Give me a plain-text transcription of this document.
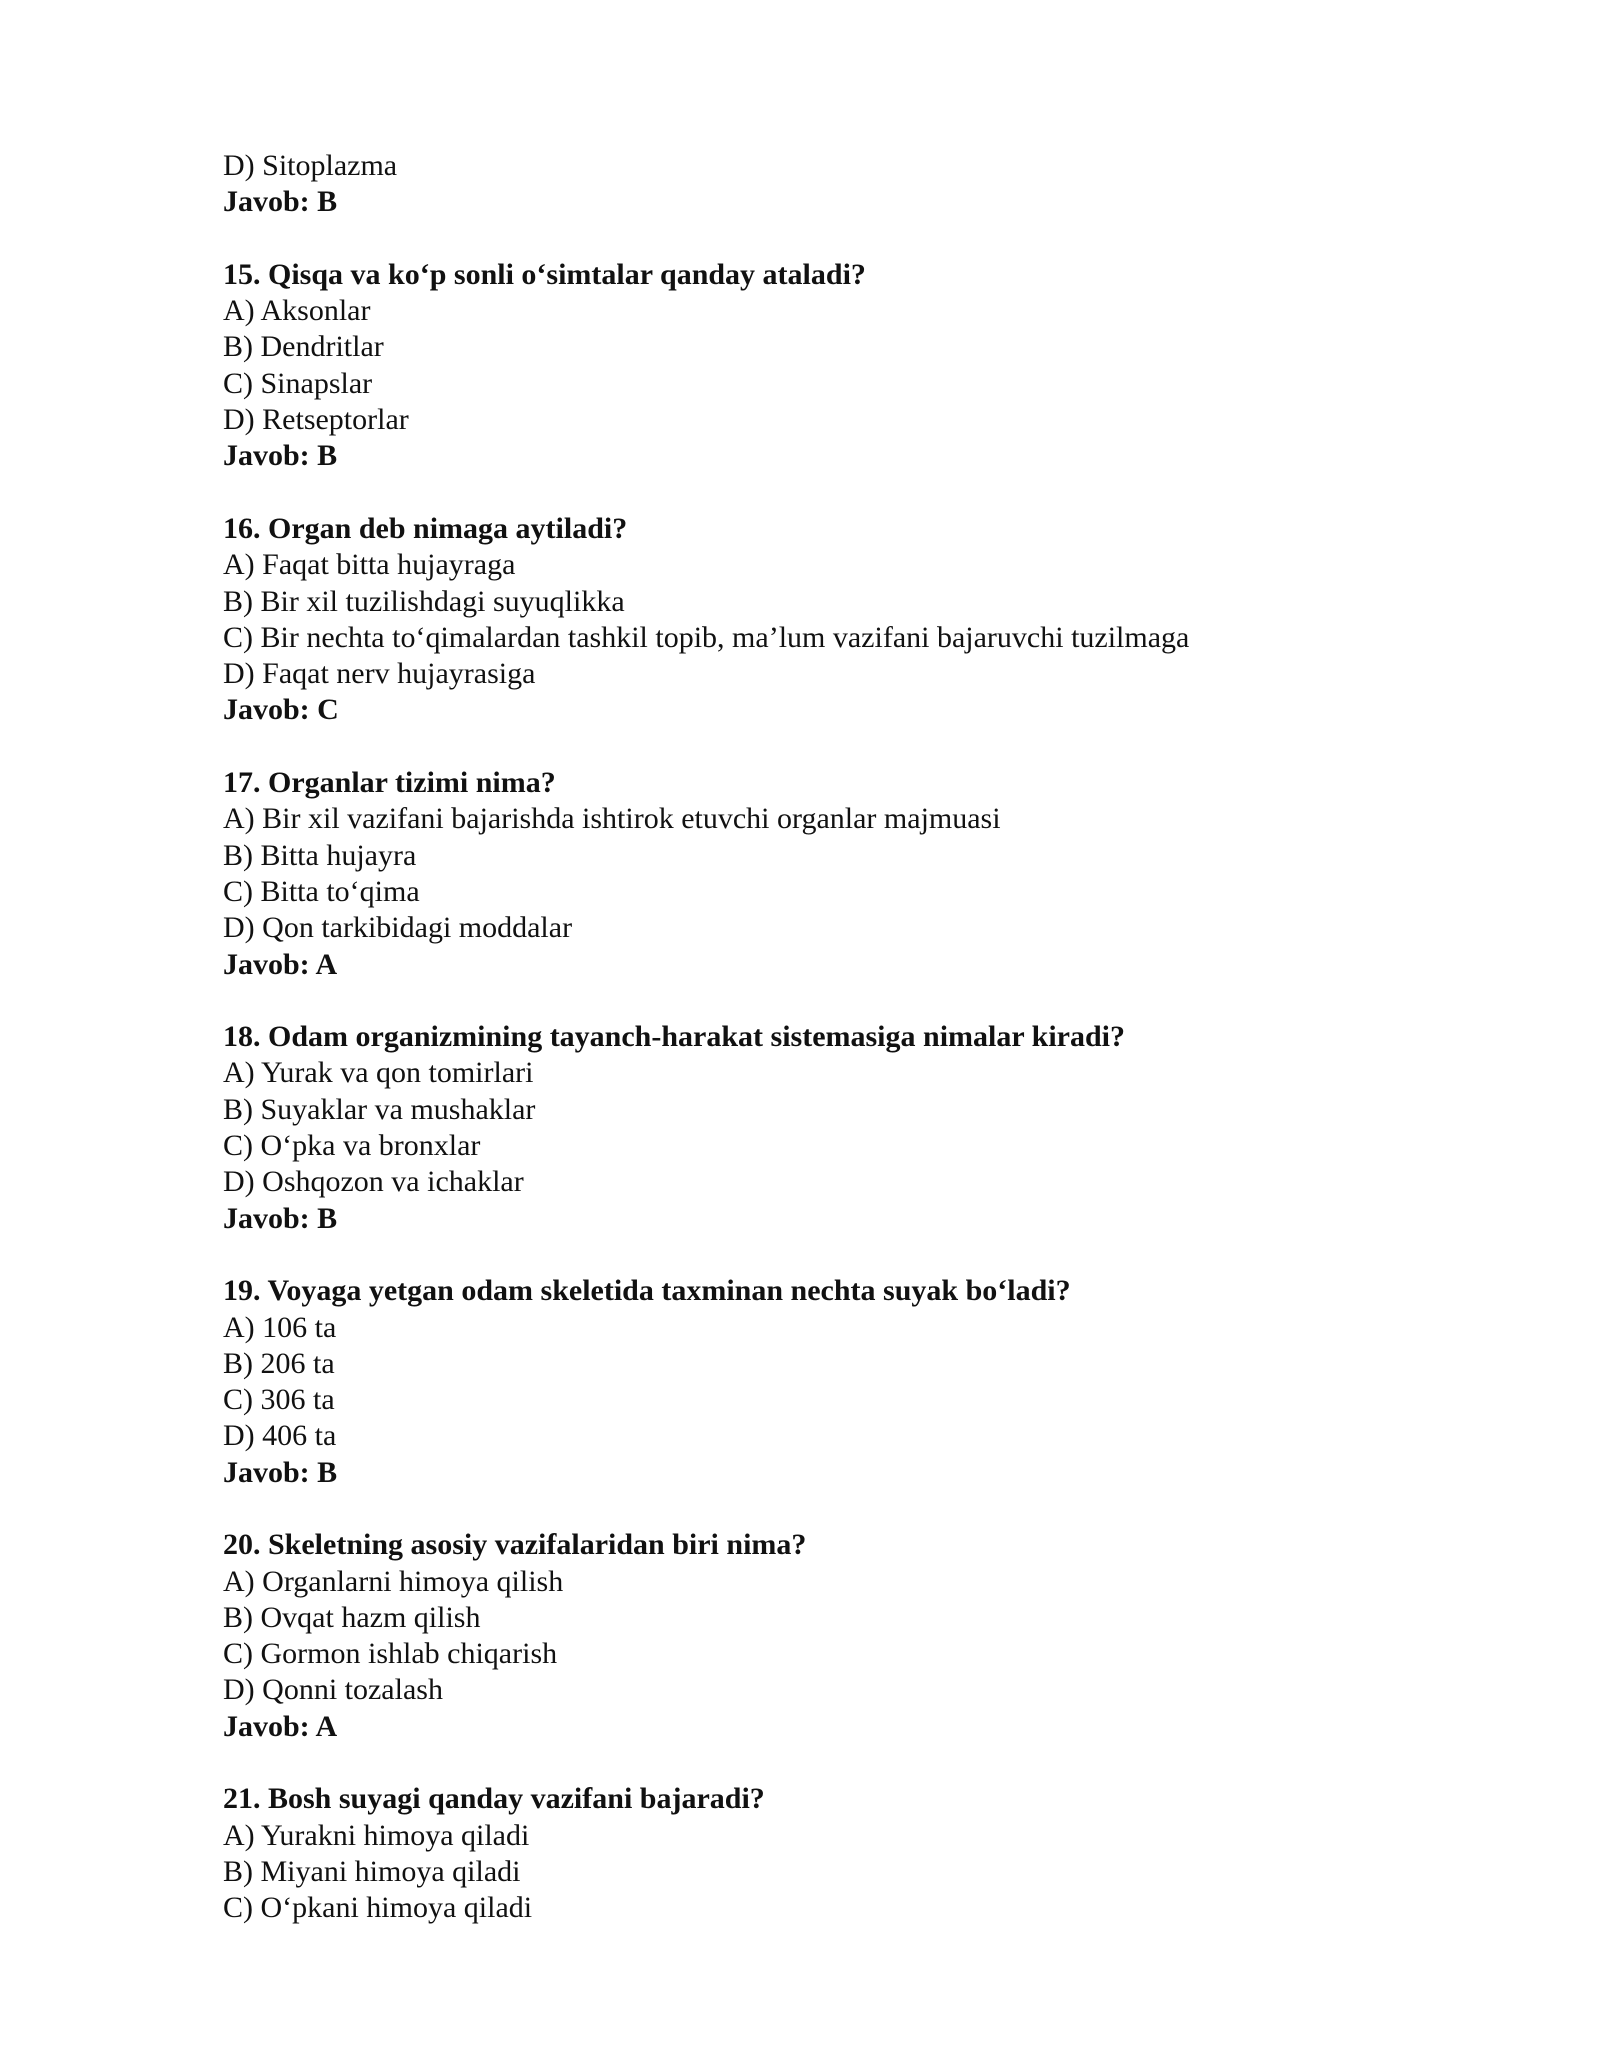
D) Sitoplazma
Javob: B
15. Qisqa va ko‘p sonli o‘simtalar qanday ataladi?
A) Aksonlar
B) Dendritlar
C) Sinapslar
D) Retseptorlar
Javob: B
16. Organ deb nimaga aytiladi?
A) Faqat bitta hujayraga
B) Bir xil tuzilishdagi suyuqlikka
C) Bir nechta to‘qimalardan tashkil topib, ma’lum vazifani bajaruvchi tuzilmaga
D) Faqat nerv hujayrasiga
Javob: C
17. Organlar tizimi nima?
A) Bir xil vazifani bajarishda ishtirok etuvchi organlar majmuasi
B) Bitta hujayra
C) Bitta to‘qima
D) Qon tarkibidagi moddalar
Javob: A
18. Odam organizmining tayanch-harakat sistemasiga nimalar kiradi?
A) Yurak va qon tomirlari
B) Suyaklar va mushaklar
C) O‘pka va bronxlar
D) Oshqozon va ichaklar
Javob: B
19. Voyaga yetgan odam skeletida taxminan nechta suyak bo‘ladi?
A) 106 ta
B) 206 ta
C) 306 ta
D) 406 ta
Javob: B
20. Skeletning asosiy vazifalaridan biri nima?
A) Organlarni himoya qilish
B) Ovqat hazm qilish
C) Gormon ishlab chiqarish
D) Qonni tozalash
Javob: A
21. Bosh suyagi qanday vazifani bajaradi?
A) Yurakni himoya qiladi
B) Miyani himoya qiladi
C) O‘pkani himoya qiladi
